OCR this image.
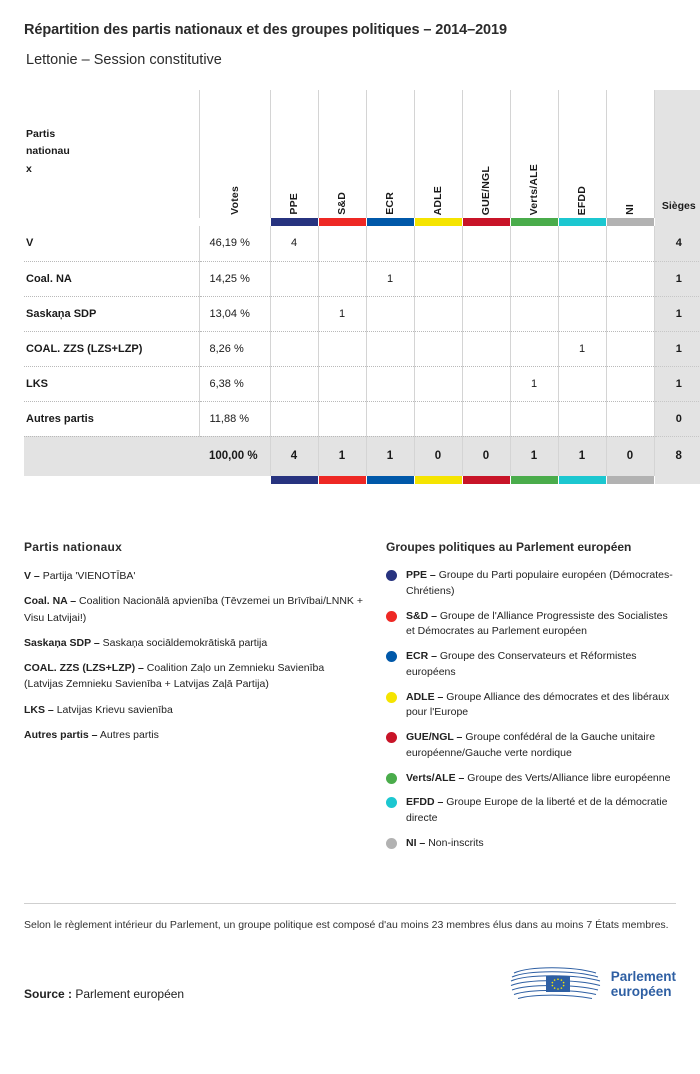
Répartition des partis nationaux et des groupes politiques – 2014–2019
Lettonie – Session constitutive
Partis
nationau
x	Votes	PPE	S&D	ECR	ADLE	GUE/NGL	Verts/ALE	EFDD	NI	Sièges

V	46,19 %	4								4
Coal. NA	14,25 %			1						1
Saskaņa SDP	13,04 %		1							1
COAL. ZZS (LZS+LZP)	8,26 %							1		1
LKS	6,38 %						1			1
Autres partis	11,88 %									0
	100,00 %	4	1	1	0	0	1	1	0	8

Partis nationaux
V – Partija 'VIENOTĪBA'
Coal. NA – Coalition Nacionālā apvienība (Tēvzemei un Brīvībai/LNNK + Visu Latvijai!)
Saskaņa SDP – Saskaņa sociāldemokrātiskā partija
COAL. ZZS (LZS+LZP) – Coalition Zaļo un Zemnieku Savienība (Latvijas Zemnieku Savienība + Latvijas Zaļā Partija)
LKS – Latvijas Krievu savienība
Autres partis – Autres partis
Groupes politiques au Parlement européen
PPE – Groupe du Parti populaire européen (Démocrates-Chrétiens)
S&D – Groupe de l'Alliance Progressiste des Socialistes et Démocrates au Parlement européen
ECR – Groupe des Conservateurs et Réformistes européens
ADLE – Groupe Alliance des démocrates et des libéraux pour l'Europe
GUE/NGL – Groupe confédéral de la Gauche unitaire européenne/Gauche verte nordique
Verts/ALE – Groupe des Verts/Alliance libre européenne
EFDD – Groupe Europe de la liberté et de la démocratie directe
NI – Non-inscrits
Selon le règlement intérieur du Parlement, un groupe politique est composé d'au moins 23 membres élus dans au moins 7 États membres.
Source : Parlement européen
Parlement
européen
